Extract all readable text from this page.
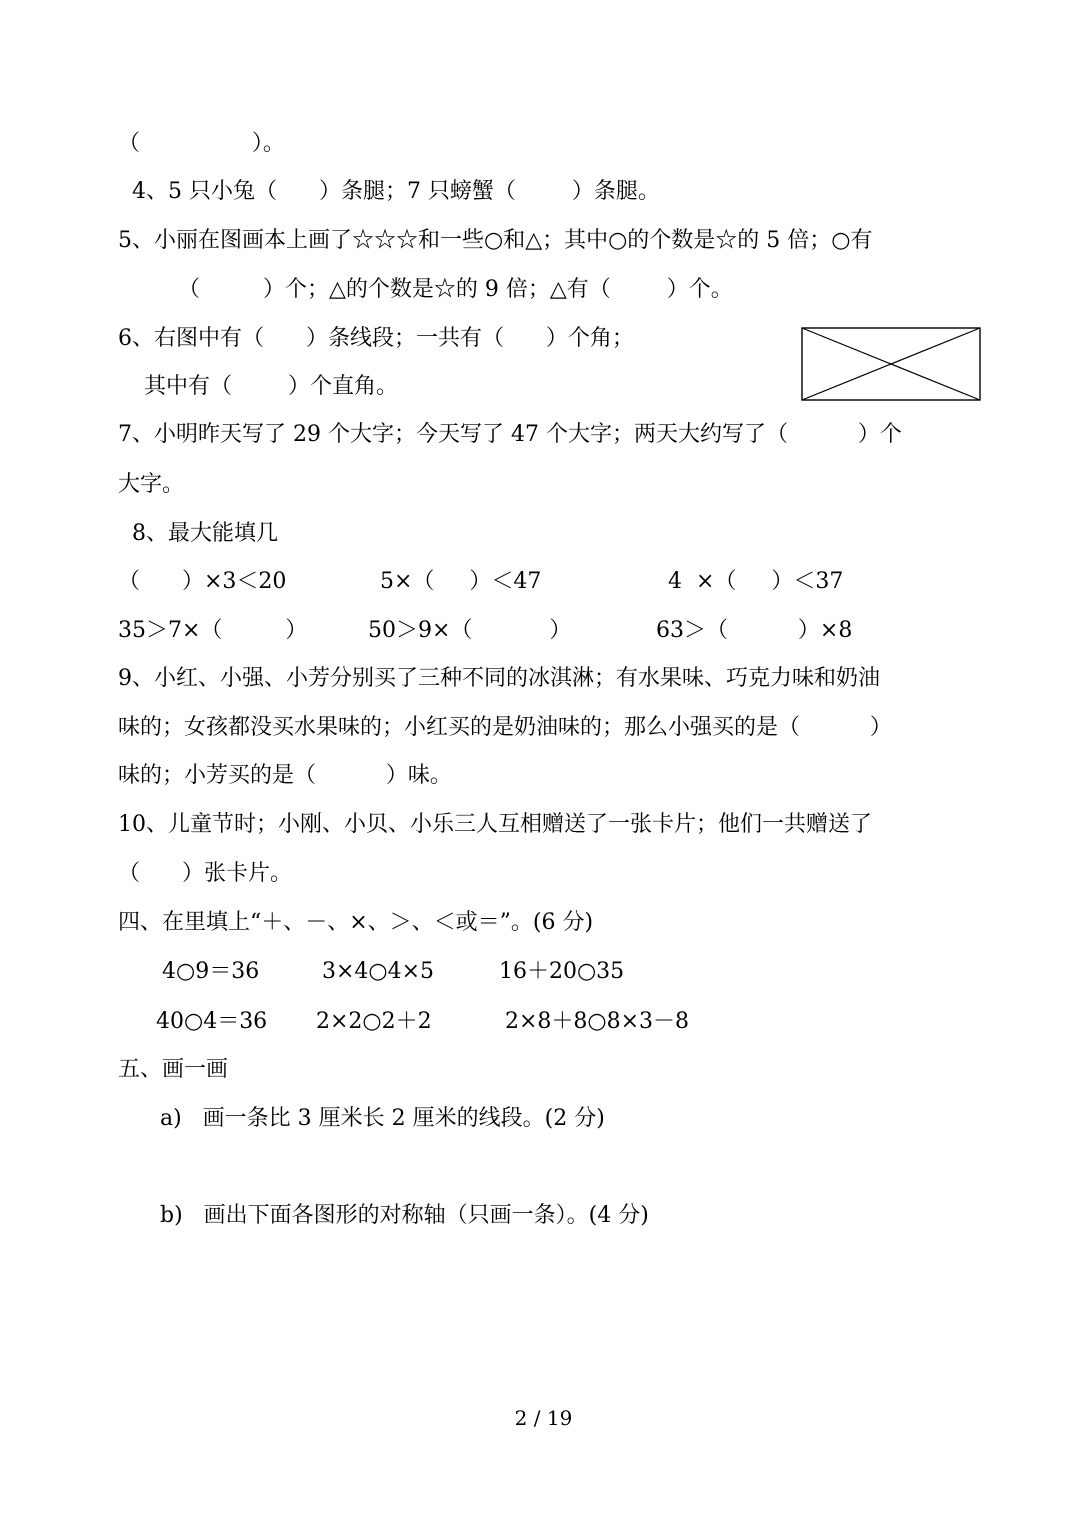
（                ）。
4、5 只小兔（      ）条腿；7 只螃蟹（        ）条腿。
5、小丽在图画本上画了☆☆☆和一些○和△；其中○的个数是☆的 5 倍；○有
（         ）个；△的个数是☆的 9 倍；△有（        ）个。
6、右图中有（      ）条线段；一共有（      ）个角；
其中有（        ）个直角。
7、小明昨天写了 29 个大字；今天写了 47 个大字；两天大约写了（          ）个
大字。
8、最大能填几
（      ）×3＜20	5×（     ）＜47	4  ×（     ）＜37
35＞7×（         ）	50＞9×（           ）	63＞（          ）×8
9、小红、小强、小芳分别买了三种不同的冰淇淋；有水果味、巧克力味和奶油
味的；女孩都没买水果味的；小红买的是奶油味的；那么小强买的是（          ）
味的；小芳买的是（          ）味。
10、儿童节时；小刚、小贝、小乐三人互相赠送了一张卡片；他们一共赠送了
（      ）张卡片。
四、在里填上“＋、－、×、＞、＜或＝”。(6 分)
4○9＝36	3×4○4×5	16＋20○35
40○4＝36 2×2○2＋2	2×8＋8○8×3－8
五、画一画
a)   画一条比 3 厘米长 2 厘米的线段。(2 分)
b)   画出下面各图形的对称轴（只画一条）。(4 分)
2 / 19
